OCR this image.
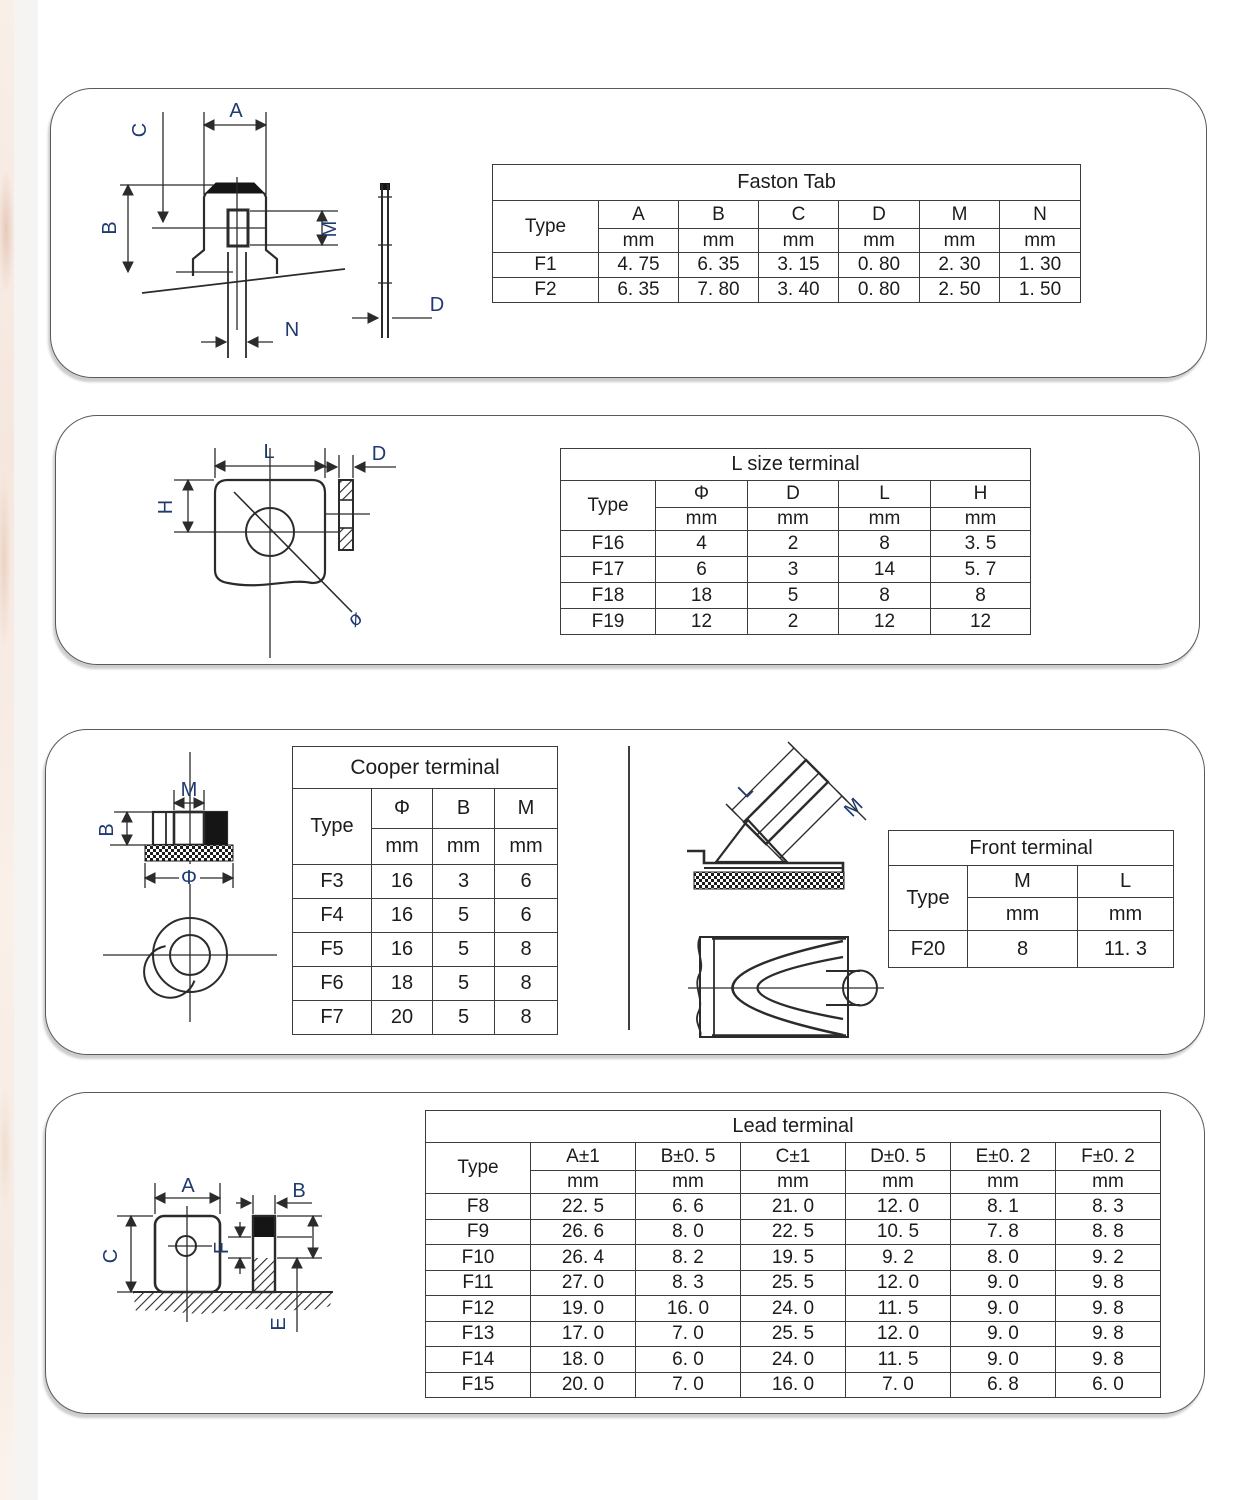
A
C
B	M
N
D
ø
L
H
D
M
B
Φ
L
M
A
C
B
F
E
Faston Tab						
Type	A	B	C	D	M	N
	mm	mm	mm	mm	mm	mm
F1	4. 75	6. 35	3. 15	0. 80	2. 30	1. 30
F2	6. 35	7. 80	3. 40	0. 80	2. 50	1. 50
L size terminal				
Type	Φ	D	L	H
	mm	mm	mm	mm
F16	4	2	8	3. 5
F17	6	3	14	5. 7
F18	18	5	8	8
F19	12	2	12	12
Cooper terminal			
Type	Φ	B	M
	mm	mm	mm
F3	16	3	6
F4	16	5	6
F5	16	5	8
F6	18	5	8
F7	20	5	8
Front terminal		
Type	M	L
	mm	mm
F20	8	11. 3
Lead terminal						
Type	A±1	B±0. 5	C±1	D±0. 5	E±0. 2	F±0. 2
	mm	mm	mm	mm	mm	mm
F8	22. 5	6. 6	21. 0	12. 0	8. 1	8. 3
F9	26. 6	8. 0	22. 5	10. 5	7. 8	8. 8
F10	26. 4	8. 2	19. 5	9. 2	8. 0	9. 2
F11	27. 0	8. 3	25. 5	12. 0	9. 0	9. 8
F12	19. 0	16. 0	24. 0	11. 5	9. 0	9. 8
F13	17. 0	7. 0	25. 5	12. 0	9. 0	9. 8
F14	18. 0	6. 0	24. 0	11. 5	9. 0	9. 8
F15	20. 0	7. 0	16. 0	7. 0	6. 8	6. 0
